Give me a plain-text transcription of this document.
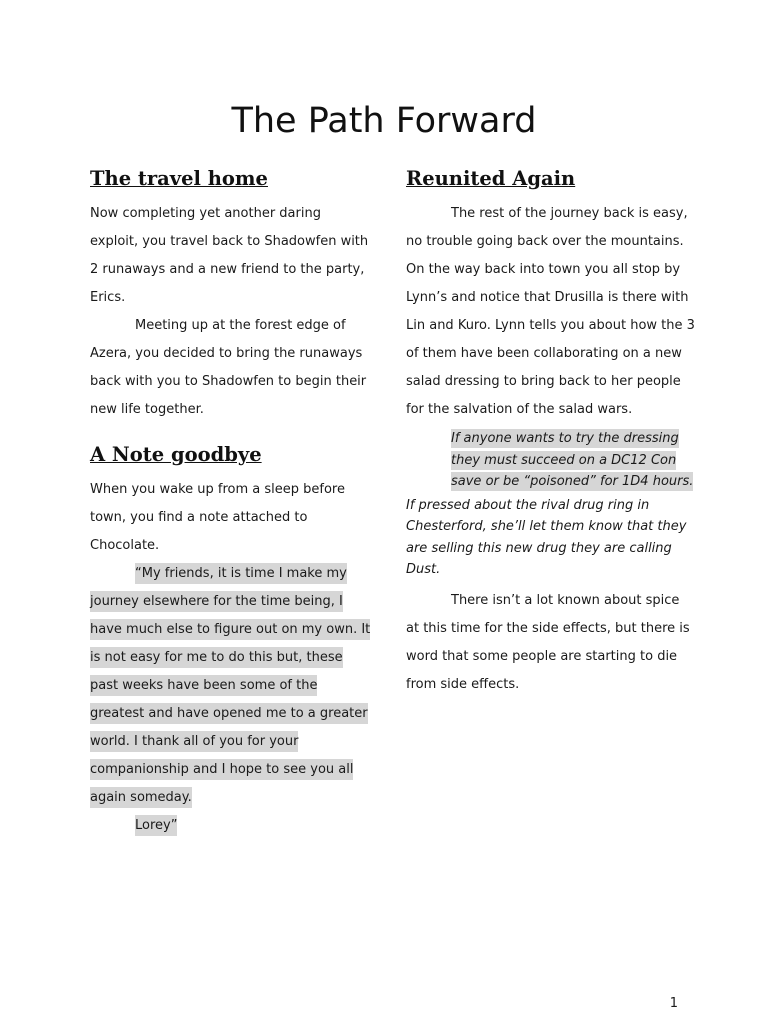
The Path Forward
The travel home

Now completing yet another daring exploit, you travel back to Shadowfen with 2 runaways and a new friend to the party, Erics.

Meeting up at the forest edge of Azera, you decided to bring the runaways back with you to Shadowfen to begin their new life together.

A Note goodbye

When you wake up from a sleep before town, you find a note attached to Chocolate.

“My friends, it is time I make my journey elsewhere for the time being, I have much else to figure out on my own. It is not easy for me to do this but, these past weeks have been some of the greatest and have opened me to a greater world. I thank all of you for your companionship and I hope to see you all again someday.

Lorey”

Reunited Again

The rest of the journey back is easy, no trouble going back over the mountains. On the way back into town you all stop by Lynn’s and notice that Drusilla is there with Lin and Kuro. Lynn tells you about how the 3 of them have been collaborating on a new salad dressing to bring back to her people for the salvation of the salad wars.

If anyone wants to try the dressing they must succeed on a DC12 Con save or be “poisoned” for 1D4 hours.

If pressed about the rival drug ring in Chesterford, she’ll let them know that they are selling this new drug they are calling Dust.

There isn’t a lot known about spice at this time for the side effects, but there is word that some people are starting to die from side effects.

1
